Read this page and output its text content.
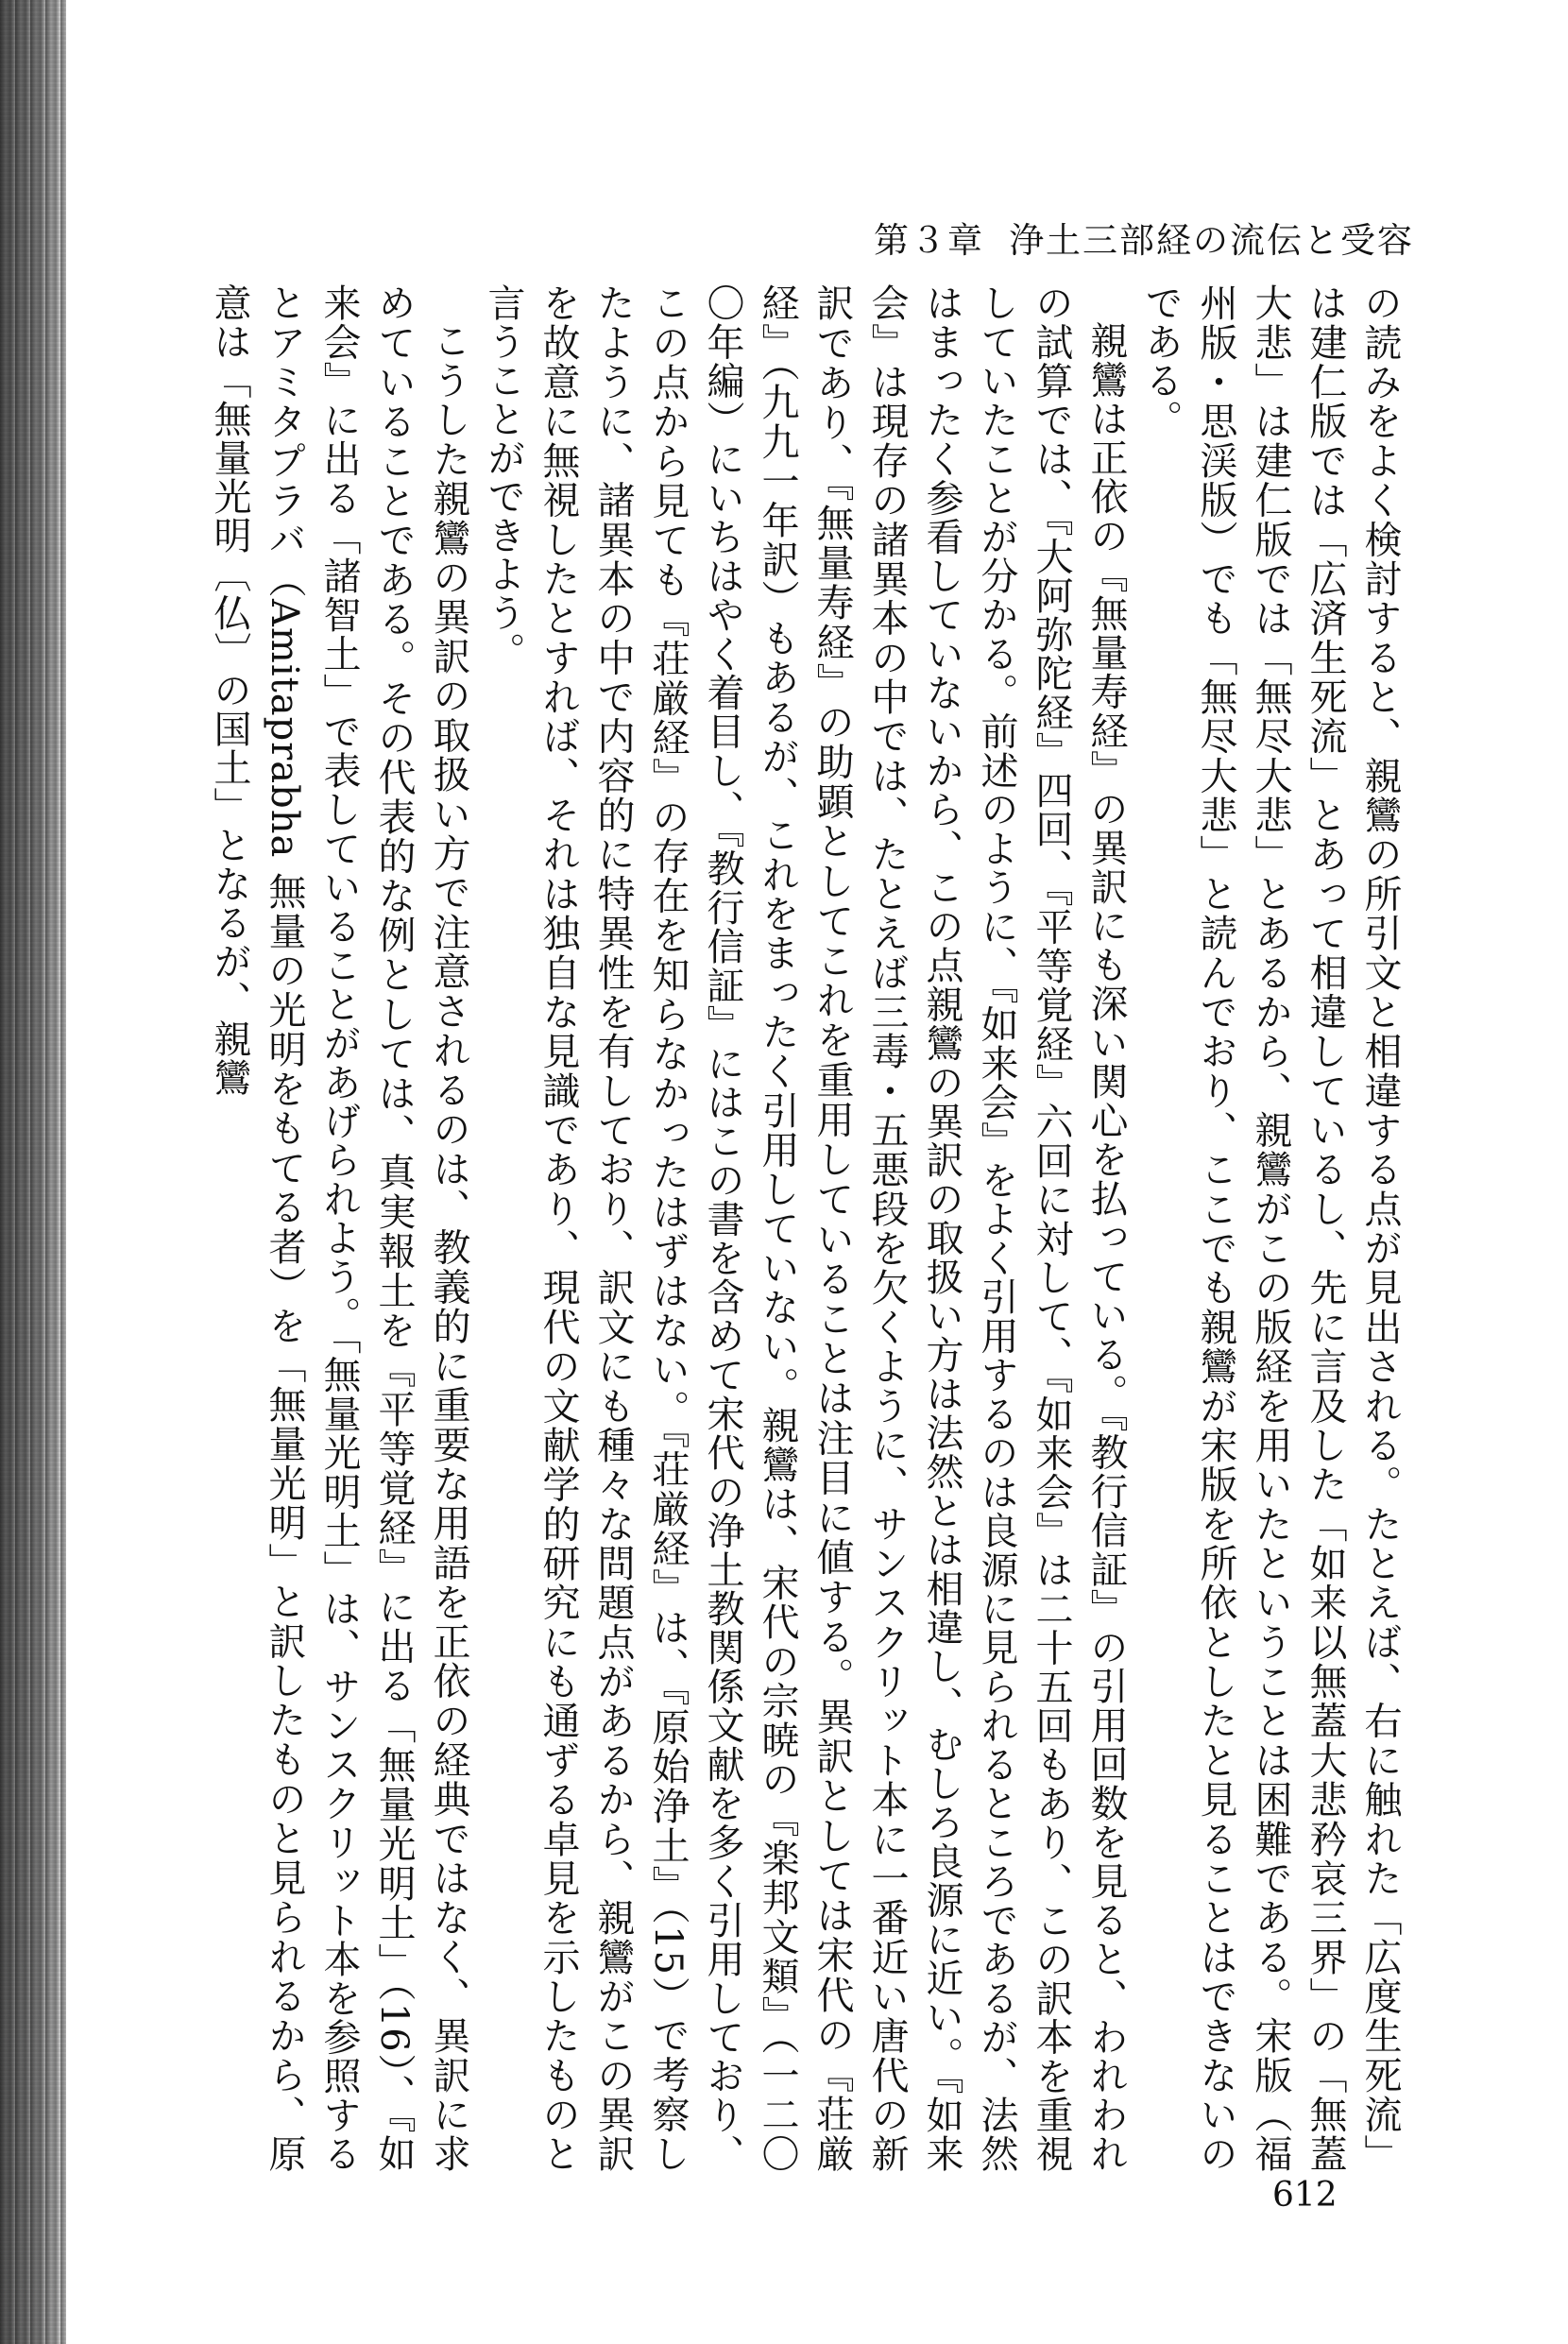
第３章 浄土三部経の流伝と受容

の読みをよく検討すると、親鸞の所引文と相違する点が見出される。たとえば、右に触れた「広度生死流」は建仁版では「広済生死流」とあって相違しているし、先に言及した「如来以無蓋大悲矜哀三界」の「無蓋大悲」は建仁版では「無尽大悲」とあるから、親鸞がこの版経を用いたということは困難である。宋版（福州版・思渓版）でも「無尽大悲」と読んでおり、ここでも親鸞が宋版を所依としたと見ることはできないのである。

親鸞は正依の『無量寿経』の異訳にも深い関心を払っている。『教行信証』の引用回数を見ると、われわれの試算では、『大阿弥陀経』四回、『平等覚経』六回に対して、『如来会』は二十五回もあり、この訳本を重視していたことが分かる。前述のように、『如来会』をよく引用するのは良源に見られるところであるが、法然はまったく参看していないから、この点親鸞の異訳の取扱い方は法然とは相違し、むしろ良源に近い。『如来会』は現存の諸異本の中では、たとえば三毒・五悪段を欠くように、サンスクリット本に一番近い唐代の新訳であり、『無量寿経』の助顕としてこれを重用していることは注目に値する。異訳としては宋代の『荘厳経』（九九一年訳）もあるが、これをまったく引用していない。親鸞は、宋代の宗暁の『楽邦文類』（一二〇〇年編）にいちはやく着目し、『教行信証』にはこの書を含めて宋代の浄土教関係文献を多く引用しており、この点から見ても『荘厳経』の存在を知らなかったはずはない。『荘厳経』は、『原始浄土』（15）で考察したように、諸異本の中で内容的に特異性を有しており、訳文にも種々な問題点があるから、親鸞がこの異訳を故意に無視したとすれば、それは独自な見識であり、現代の文献学的研究にも通ずる卓見を示したものと言うことができよう。

こうした親鸞の異訳の取扱い方で注意されるのは、教義的に重要な用語を正依の経典ではなく、異訳に求めていることである。その代表的な例としては、真実報土を『平等覚経』に出る「無量光明土」（16）、『如来会』に出る「諸智土」で表していることがあげられよう。「無量光明土」は、サンスクリット本を参照するとアミタプラバ（Amitaprabha 無量の光明をもてる者）を「無量光明」と訳したものと見られるから、原意は「無量光明〔仏〕の国土」となるが、親鸞

612
